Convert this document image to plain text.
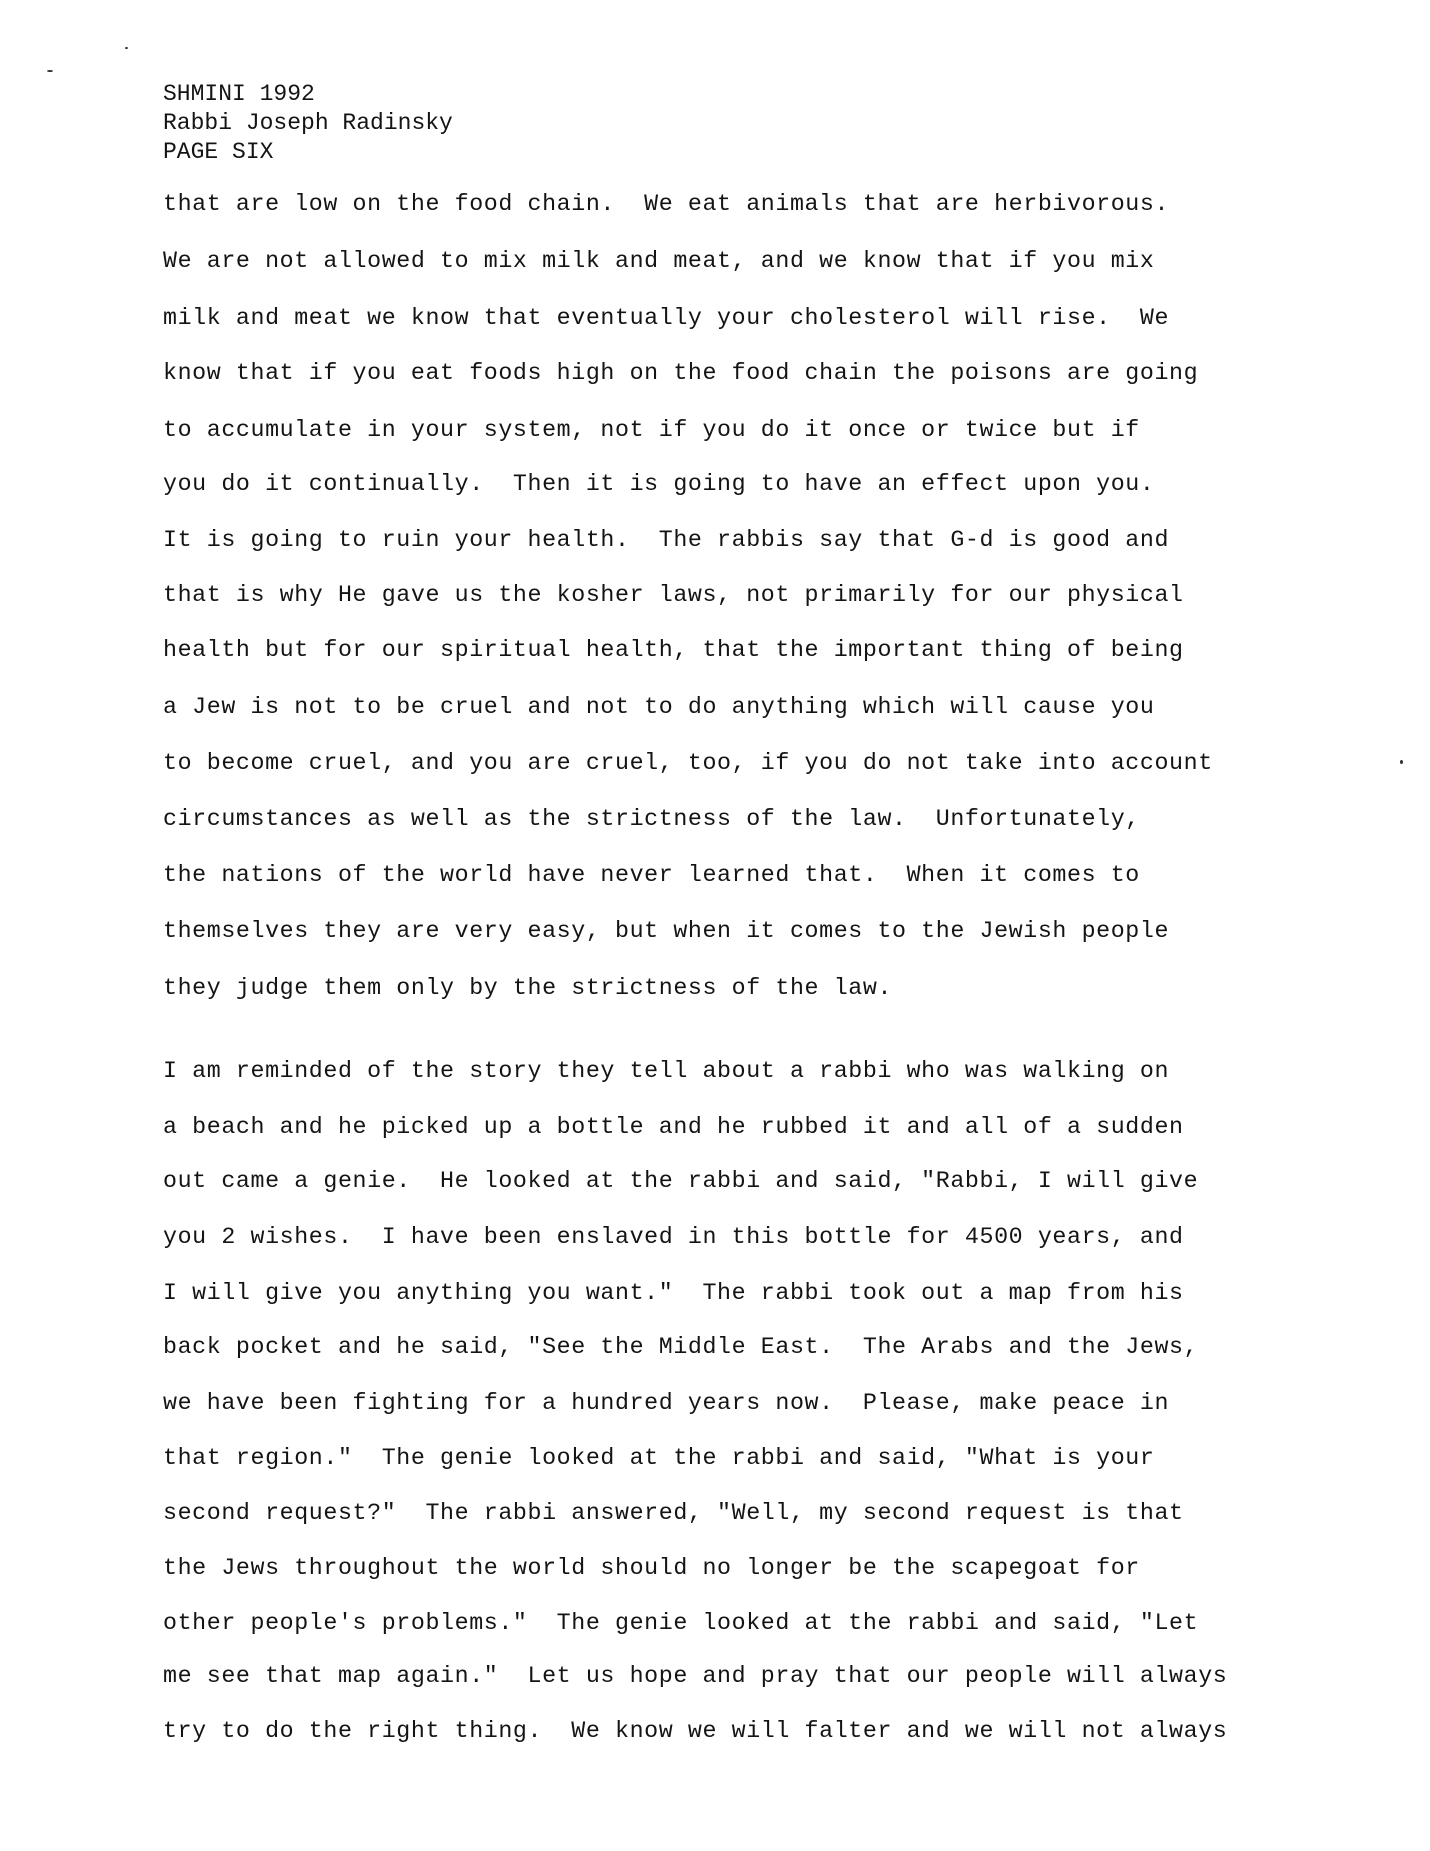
SHMINI 1992
Rabbi Joseph Radinsky
PAGE SIX
that are low on the food chain.  We eat animals that are herbivorous.
We are not allowed to mix milk and meat, and we know that if you mix
milk and meat we know that eventually your cholesterol will rise.  We
know that if you eat foods high on the food chain the poisons are going
to accumulate in your system, not if you do it once or twice but if
you do it continually.  Then it is going to have an effect upon you.
It is going to ruin your health.  The rabbis say that G-d is good and
that is why He gave us the kosher laws, not primarily for our physical
health but for our spiritual health, that the important thing of being
a Jew is not to be cruel and not to do anything which will cause you
to become cruel, and you are cruel, too, if you do not take into account
circumstances as well as the strictness of the law.  Unfortunately,
the nations of the world have never learned that.  When it comes to
themselves they are very easy, but when it comes to the Jewish people
they judge them only by the strictness of the law.
I am reminded of the story they tell about a rabbi who was walking on
a beach and he picked up a bottle and he rubbed it and all of a sudden
out came a genie.  He looked at the rabbi and said, "Rabbi, I will give
you 2 wishes.  I have been enslaved in this bottle for 4500 years, and
I will give you anything you want."  The rabbi took out a map from his
back pocket and he said, "See the Middle East.  The Arabs and the Jews,
we have been fighting for a hundred years now.  Please, make peace in
that region."  The genie looked at the rabbi and said, "What is your
second request?"  The rabbi answered, "Well, my second request is that
the Jews throughout the world should no longer be the scapegoat for
other people's problems."  The genie looked at the rabbi and said, "Let
me see that map again."  Let us hope and pray that our people will always
try to do the right thing.  We know we will falter and we will not always
